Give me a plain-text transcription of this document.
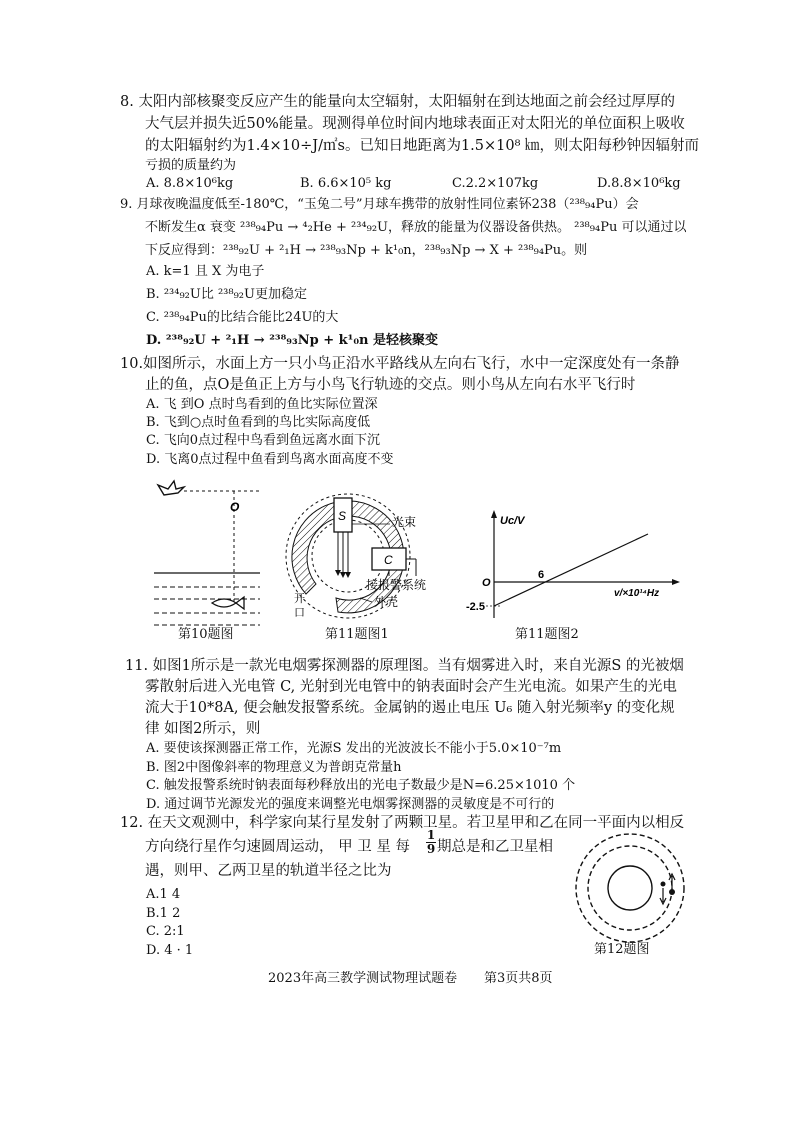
8. 太阳内部核聚变反应产生的能量向太空辐射，太阳辐射在到达地面之前会经过厚厚的
大气层并损失近50%能量。现测得单位时间内地球表面正对太阳光的单位面积上吸收
的太阳辐射约为1.4×10÷J/㎡s。已知日地距离为1.5×10⁸ ㎞，则太阳每秒钟因辐射而
亏损的质量约为
A. 8.8×10⁶kg	B. 6.6×10⁵ kg	C.2.2×107kg	D.8.8×10⁶kg
9. 月球夜晚温度低至-180℃，“玉兔二号”月球车携带的放射性同位素钚238（²³⁸₉₄Pu）会
不断发生α 衰变 ²³⁸₉₄Pu → ⁴₂He + ²³⁴₉₂U，释放的能量为仪器设备供热。 ²³⁸₉₄Pu 可以通过以
下反应得到：²³⁸₉₂U + ²₁H → ²³⁸₉₃Np + k¹₀n，²³⁸₉₃Np → X + ²³⁸₉₄Pu。则
A. k=1 且 X 为电子
B. ²³⁴₉₂U比 ²³⁸₉₂U更加稳定
C. ²³⁸₉₄Pu的比结合能比24U的大
D. ²³⁸₉₂U + ²₁H → ²³⁸₉₃Np + k¹₀n 是轻核聚变
10.如图所示，水面上方一只小鸟正沿水平路线从左向右飞行，水中一定深度处有一条静
止的鱼，点O是鱼正上方与小鸟飞行轨迹的交点。则小鸟从左向右水平飞行时
A. 飞 到O 点时鸟看到的鱼比实际位置深
B. 飞到○点时鱼看到的鸟比实际高度低
C. 飞向0点过程中鸟看到鱼远离水面下沉
D. 飞离0点过程中鱼看到鸟离水面高度不变
O
第10题图
S	光束
C
接报警系统
外壳
开
口
第11题图1
Uc/V
O
6
-2.5
v/×10¹⁴Hz
第11题图2
11. 如图1所示是一款光电烟雾探测器的原理图。当有烟雾进入时，来自光源S 的光被烟
雾散射后进入光电管 C, 光射到光电管中的钠表面时会产生光电流。如果产生的光电
流大于10*8A, 便会触发报警系统。金属钠的遏止电压 U₆ 随入射光频率y 的变化规
律 如图2所示，则
A. 要使该探测器正常工作，光源S 发出的光波波长不能小于5.0×10⁻⁷m
B. 图2中图像斜率的物理意义为普朗克常量h
C. 触发报警系统时钠表面每秒释放出的光电子数最少是N=6.25×1010 个
D. 通过调节光源发光的强度来调整光电烟雾探测器的灵敏度是不可行的
12. 在天文观测中，科学家向某行星发射了两颗卫星。若卫星甲和乙在同一平面内以相反
方向绕行星作匀速圆周运动， 甲 卫 星 每
1
9 期总是和乙卫星相
遇，则甲、乙两卫星的轨道半径之比为
A.1 4
B.1 2
C. 2:1
D. 4 · 1	第12题图
2023年高三教学测试物理试题卷 第3页共8页
